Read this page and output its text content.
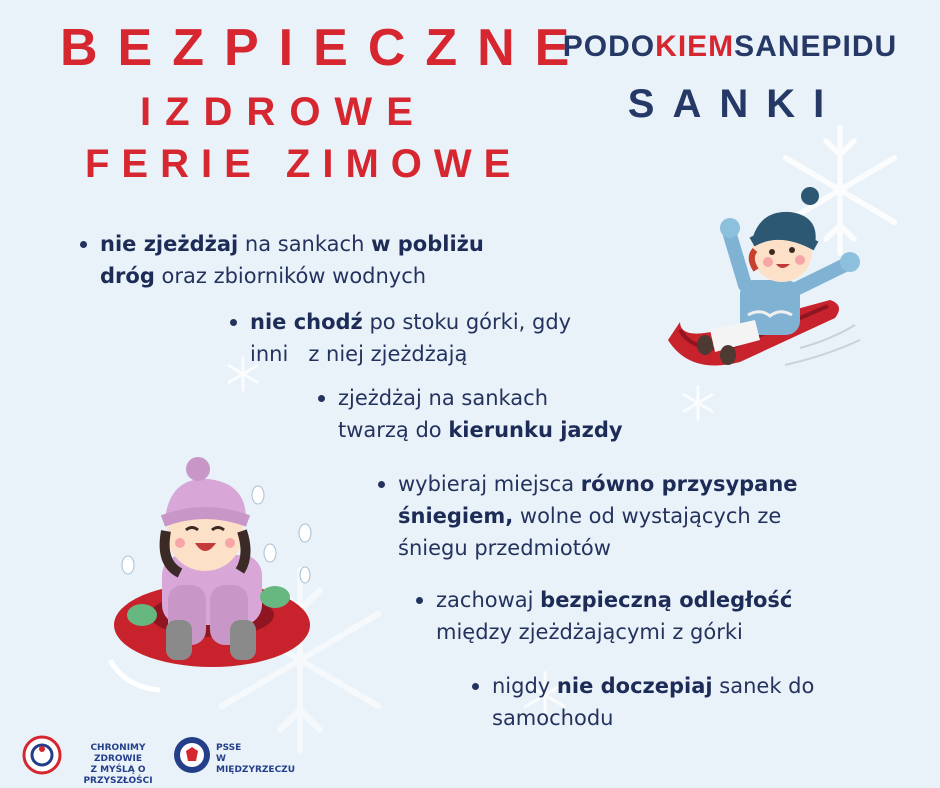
BEZPIECZNE
IZDROWE
FERIE ZIMOWE
PODOKIEMSANEPIDU
SANKI
nie zjeżdżaj na sankach w pobliżu
dróg oraz zbiorników wodnych
nie chodź po stoku górki, gdy
inni   z niej zjeżdżają
zjeżdżaj na sankach
twarzą do kierunku jazdy
wybieraj miejsca równo przysypane
śniegiem, wolne od wystających ze
śniegu przedmiotów
zachowaj bezpieczną odległość
między zjeżdżającymi z górki
nigdy nie doczepiaj sanek do
samochodu
CHRONIMY ZDROWIE
Z MYŚLĄ O PRZYSZŁOŚCI
PSSE
W MIĘDZYRZECZU
